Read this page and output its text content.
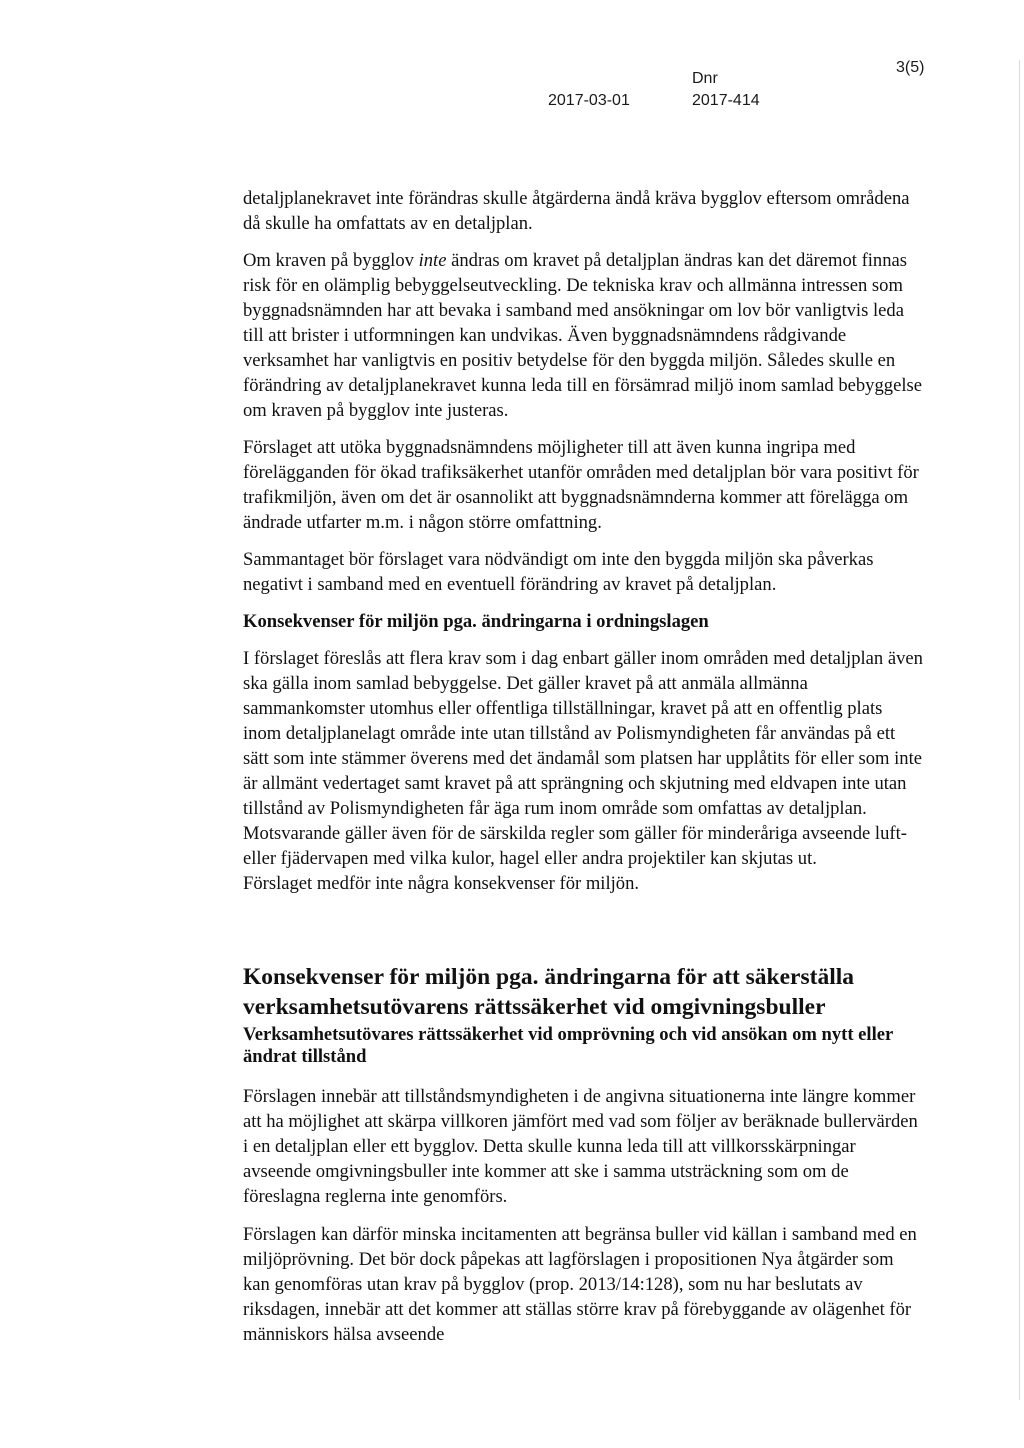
Dnr
2017-03-01	2017-414
3(5)

detaljplanekravet inte förändras skulle åtgärderna ändå kräva bygglov eftersom områdena då skulle ha omfattats av en detaljplan.

Om kraven på bygglov inte ändras om kravet på detaljplan ändras kan det däremot finnas risk för en olämplig bebyggelseutveckling. De tekniska krav och allmänna intressen som byggnadsnämnden har att bevaka i samband med ansökningar om lov bör vanligtvis leda till att brister i utformningen kan undvikas. Även byggnadsnämndens rådgivande verksamhet har vanligtvis en positiv betydelse för den byggda miljön. Således skulle en förändring av detaljplanekravet kunna leda till en försämrad miljö inom samlad bebyggelse om kraven på bygglov inte justeras.

Förslaget att utöka byggnadsnämndens möjligheter till att även kunna ingripa med förelägganden för ökad trafiksäkerhet utanför områden med detaljplan bör vara positivt för trafikmiljön, även om det är osannolikt att byggnadsnämnderna kommer att förelägga om ändrade utfarter m.m. i någon större omfattning.

Sammantaget bör förslaget vara nödvändigt om inte den byggda miljön ska påverkas negativt i samband med en eventuell förändring av kravet på detaljplan.

Konsekvenser för miljön pga. ändringarna i ordningslagen

I förslaget föreslås att flera krav som i dag enbart gäller inom områden med detaljplan även ska gälla inom samlad bebyggelse. Det gäller kravet på att anmäla allmänna sammankomster utomhus eller offentliga tillställningar, kravet på att en offentlig plats inom detaljplanelagt område inte utan tillstånd av Polismyndigheten får användas på ett sätt som inte stämmer överens med det ändamål som platsen har upplåtits för eller som inte är allmänt vedertaget samt kravet på att sprängning och skjutning med eldvapen inte utan tillstånd av Polismyndigheten får äga rum inom område som omfattas av detaljplan. Motsvarande gäller även för de särskilda regler som gäller för minderåriga avseende luft- eller fjädervapen med vilka kulor, hagel eller andra projektiler kan skjutas ut.

Förslaget medför inte några konsekvenser för miljön.

Konsekvenser för miljön pga. ändringarna för att säkerställa verksamhetsutövarens rättssäkerhet vid omgivningsbuller

Verksamhetsutövares rättssäkerhet vid omprövning och vid ansökan om nytt eller ändrat tillstånd

Förslagen innebär att tillståndsmyndigheten i de angivna situationerna inte längre kommer att ha möjlighet att skärpa villkoren jämfört med vad som följer av beräknade bullervärden i en detaljplan eller ett bygglov. Detta skulle kunna leda till att villkorsskärpningar avseende omgivningsbuller inte kommer att ske i samma utsträckning som om de föreslagna reglerna inte genomförs.

Förslagen kan därför minska incitamenten att begränsa buller vid källan i samband med en miljöprövning. Det bör dock påpekas att lagförslagen i propositionen Nya åtgärder som kan genomföras utan krav på bygglov (prop. 2013/14:128), som nu har beslutats av riksdagen, innebär att det kommer att ställas större krav på förebyggande av olägenhet för människors hälsa avseende
